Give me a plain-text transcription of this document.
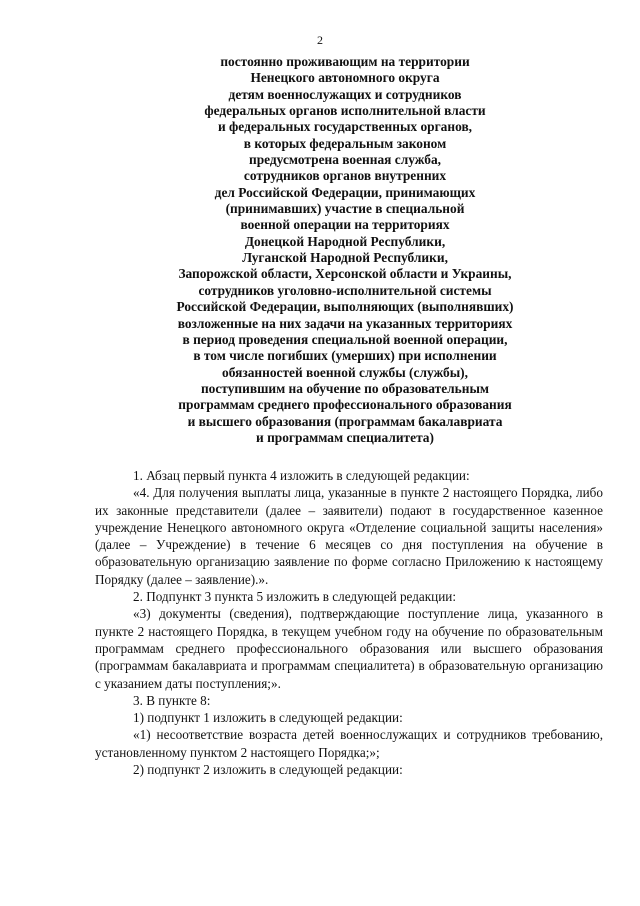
2
постоянно проживающим на территории
Ненецкого автономного округа
детям военнослужащих и сотрудников
федеральных органов исполнительной власти
и федеральных государственных органов,
в которых федеральным законом
предусмотрена военная служба,
сотрудников органов внутренних
дел Российской Федерации, принимающих
(принимавших) участие в специальной
военной операции на территориях
Донецкой Народной Республики,
Луганской Народной Республики,
Запорожской области, Херсонской области и Украины,
сотрудников уголовно-исполнительной системы
Российской Федерации, выполняющих (выполнявших)
возложенные на них задачи на указанных территориях
в период проведения специальной военной операции,
в том числе погибших (умерших) при исполнении
обязанностей военной службы (службы),
поступившим на обучение по образовательным
программам среднего профессионального образования
и высшего образования (программам бакалавриата
и программам специалитета)

1. Абзац первый пункта 4 изложить в следующей редакции:

«4. Для получения выплаты лица, указанные в пункте 2 настоящего Порядка, либо их законные представители (далее – заявители) подают в государственное казенное учреждение Ненецкого автономного округа «Отделение социальной защиты населения» (далее – Учреждение) в течение 6 месяцев со дня поступления на обучение в образовательную организацию заявление по форме согласно Приложению к настоящему Порядку (далее – заявление).».

2. Подпункт 3 пункта 5 изложить в следующей редакции:

«3) документы (сведения), подтверждающие поступление лица, указанного в пункте 2 настоящего Порядка, в текущем учебном году на обучение по образовательным программам среднего профессионального образования или высшего образования (программам бакалавриата и программам специалитета) в образовательную организацию с указанием даты поступления;».

3. В пункте 8:

1) подпункт 1 изложить в следующей редакции:

«1) несоответствие возраста детей военнослужащих и сотрудников требованию, установленному пунктом 2 настоящего Порядка;»;

2) подпункт 2 изложить в следующей редакции:
